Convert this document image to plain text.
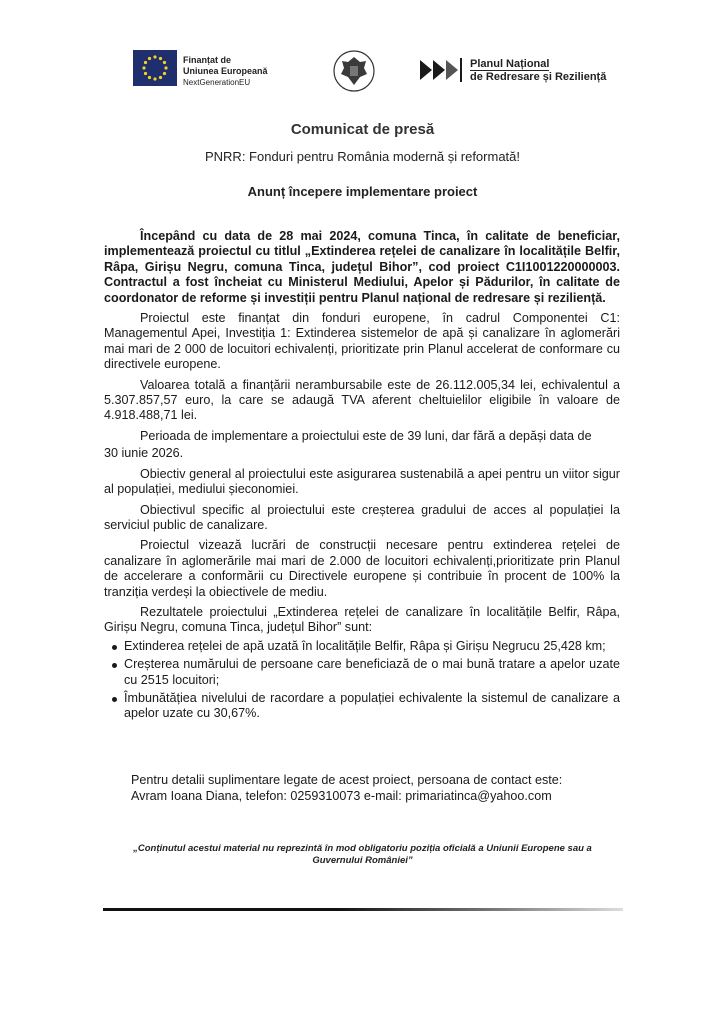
Finanțat de
Uniunea Europeană
NextGenerationEU
Planul Național
de Redresare și Reziliență
Comunicat de presă
PNRR: Fonduri pentru România modernă și reformată!
Anunț începere implementare proiect

Începând cu data de 28 mai 2024, comuna Tinca, în calitate de beneficiar, implementează proiectul cu titlul „Extinderea rețelei de canalizare în localitățile Belfir, Râpa, Girișu Negru, comuna Tinca, județul Bihor”, cod proiect C1I1001220000003. Contractul a fost încheiat cu Ministerul Mediului, Apelor și Pădurilor, în calitate de coordonator de reforme și investiții pentru Planul național de redresare și reziliență.

Proiectul este finanțat din fonduri europene, în cadrul Componentei C1: Managementul Apei, Investiția 1: Extinderea sistemelor de apă și canalizare în aglomerări mai mari de 2 000 de locuitori echivalenți, prioritizate prin Planul accelerat de conformare cu directivele europene.

Valoarea totală a finanțării nerambursabile este de 26.112.005,34 lei, echivalentul a 5.307.857,57 euro, la care se adaugă TVA aferent cheltuielilor eligibile în valoare de 4.918.488,71 lei.

Perioada de implementare a proiectului este de 39 luni, dar fără a depăși data de

30 iunie 2026.

Obiectiv general al proiectului este asigurarea sustenabilă a apei pentru un viitor sigur al populației, mediului șieconomiei.

Obiectivul specific al proiectului este creșterea gradului de acces al populației la serviciul public de canalizare.

Proiectul vizează lucrări de construcții necesare pentru extinderea rețelei de canalizare în aglomerările mai mari de 2.000 de locuitori echivalenți,prioritizate prin Planul de accelerare a conformării cu Directivele europene și contribuie în procent de 100% la tranziția verdeși la obiectivele de mediu.

Rezultatele proiectului „Extinderea rețelei de canalizare în localitățile Belfir, Râpa, Girișu Negru, comuna Tinca, județul Bihor” sunt:

Extinderea rețelei de apă uzată în localitățile Belfir, Râpa și Girișu Negrucu 25,428 km;
Creșterea numărului de persoane care beneficiază de o mai bună tratare a apelor uzate cu 2515 locuitori;
Îmbunătățiea nivelului de racordare a populației echivalente la sistemul de canalizare a apelor uzate cu 30,67%.
Pentru detalii suplimentare legate de acest proiect, persoana de contact este:
Avram Ioana Diana, telefon: 0259310073 e-mail: primariatinca@yahoo.com
„Conținutul acestui material nu reprezintă în mod obligatoriu poziția oficială a Uniunii Europene sau a
Guvernului României”
